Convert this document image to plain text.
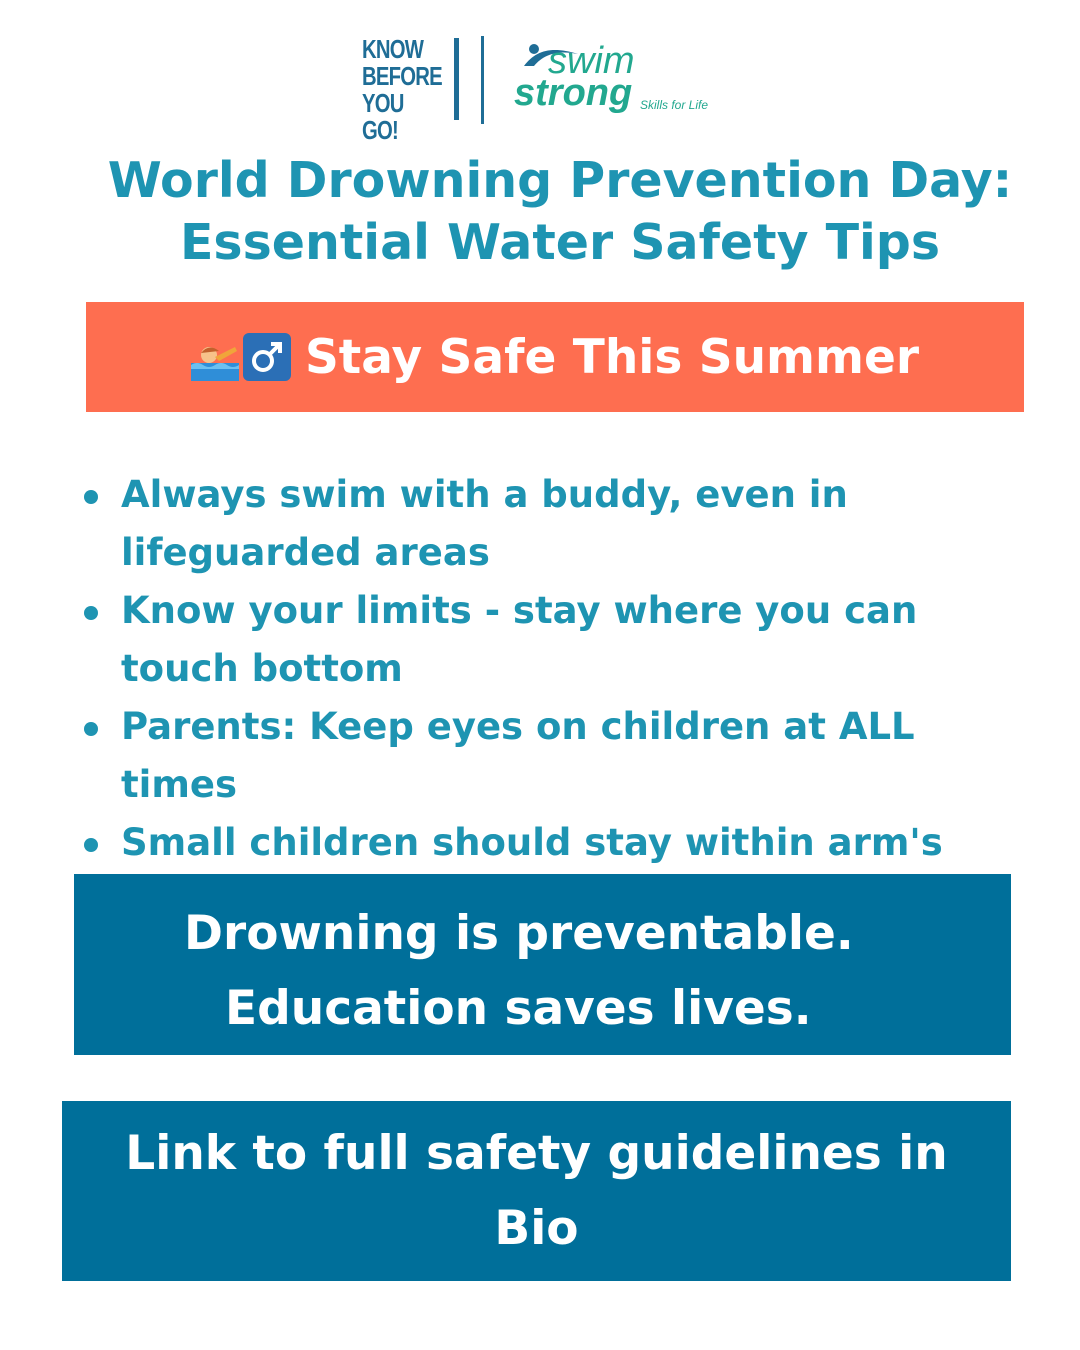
KNOW
BEFORE
YOU GO!
swim
strong Skills for Life
World Drowning Prevention Day:
Essential Water Safety Tips
Stay Safe This Summer
Always swim with a buddy, even in lifeguarded areas
Know your limits - stay where you can touch bottom
Parents: Keep eyes on children at ALL times
Small children should stay within arm's
Drowning is preventable.
Education saves lives.
Link to full safety guidelines in Bio
